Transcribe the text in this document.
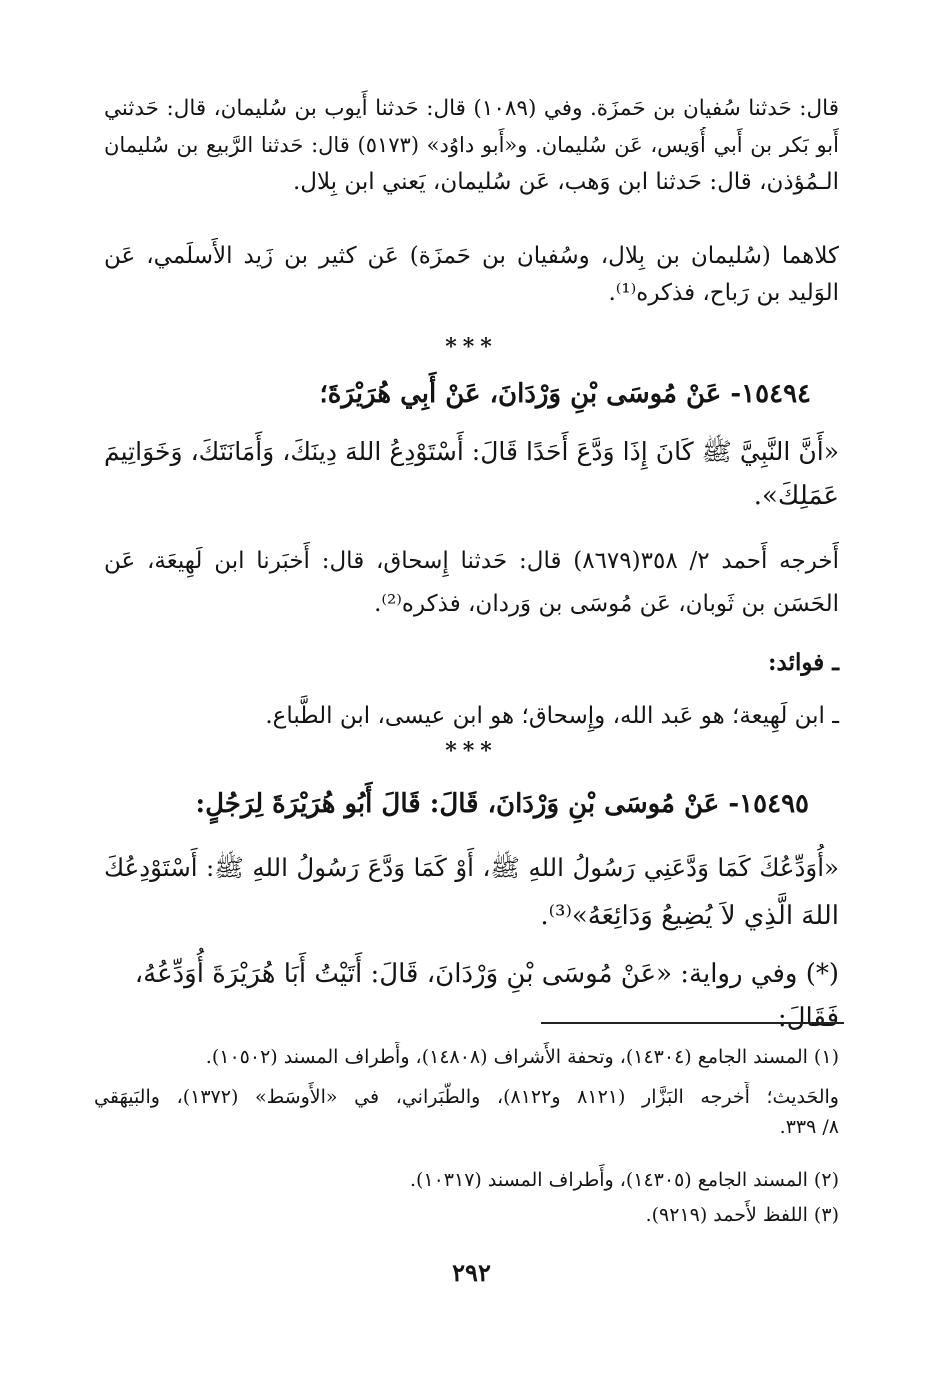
قال: حَدثنا سُفيان بن حَمزَة. وفي (١٠٨٩) قال: حَدثنا أَيوب بن سُليمان، قال: حَدثني
أَبو بَكر بن أَبي أُوَيس، عَن سُليمان. و«أَبو داوُد» (٥١٧٣) قال: حَدثنا الرَّبيع بن سُليمان
الـمُؤذن، قال: حَدثنا ابن وَهب، عَن سُليمان، يَعني ابن بِلال.
كلاهما (سُليمان بن بِلال، وسُفيان بن حَمزَة) عَن كثير بن زَيد الأَسلَمي، عَن
الوَليد بن رَباح، فذكره⁽¹⁾.
***
١٥٤٩٤- عَنْ مُوسَى بْنِ وَرْدَانَ، عَنْ أَبِي هُرَيْرَةَ؛
«أَنَّ النَّبِيَّ ﷺ كَانَ إِذَا وَدَّعَ أَحَدًا قَالَ: أَسْتَوْدِعُ اللهَ دِينَكَ، وَأَمَانَتَكَ، وَخَوَاتِيمَ
عَمَلِكَ».
أَخرجه أَحمد ٢/ ٣٥٨(٨٦٧٩) قال: حَدثنا إِسحاق، قال: أَخبَرنا ابن لَهِيعَة، عَن
الحَسَن بن ثَوبان، عَن مُوسَى بن وَردان، فذكره⁽²⁾.
ـ فوائد:
ـ ابن لَهِيعة؛ هو عَبد الله، وإِسحاق؛ هو ابن عيسى، ابن الطَّباع.
***
١٥٤٩٥- عَنْ مُوسَى بْنِ وَرْدَانَ، قَالَ: قَالَ أَبُو هُرَيْرَةَ لِرَجُلٍ:
«أُوَدِّعُكَ كَمَا وَدَّعَنِي رَسُولُ اللهِ ﷺ، أَوْ كَمَا وَدَّعَ رَسُولُ اللهِ ﷺ: أَسْتَوْدِعُكَ
اللهَ الَّذِي لاَ يُضِيعُ وَدَائِعَهُ»⁽³⁾.
(*) وفي رواية: «عَنْ مُوسَى بْنِ وَرْدَانَ، قَالَ: أَتَيْتُ أَبَا هُرَيْرَةَ أُوَدِّعُهُ، فَقَالَ:
(١) المسند الجامع (١٤٣٠٤)، وتحفة الأَشراف (١٤٨٠٨)، وأَطراف المسند (١٠٥٠٢).
والحَديث؛ أَخرجه البَزَّار (٨١٢١ و٨١٢٢)، والطَّبَراني، في «الأَوسَط» (١٣٧٢)، والبَيهَقي
٨/ ٣٣٩.
(٢) المسند الجامع (١٤٣٠٥)، وأَطراف المسند (١٠٣١٧).
(٣) اللفظ لأَحمد (٩٢١٩).
٢٩٢
